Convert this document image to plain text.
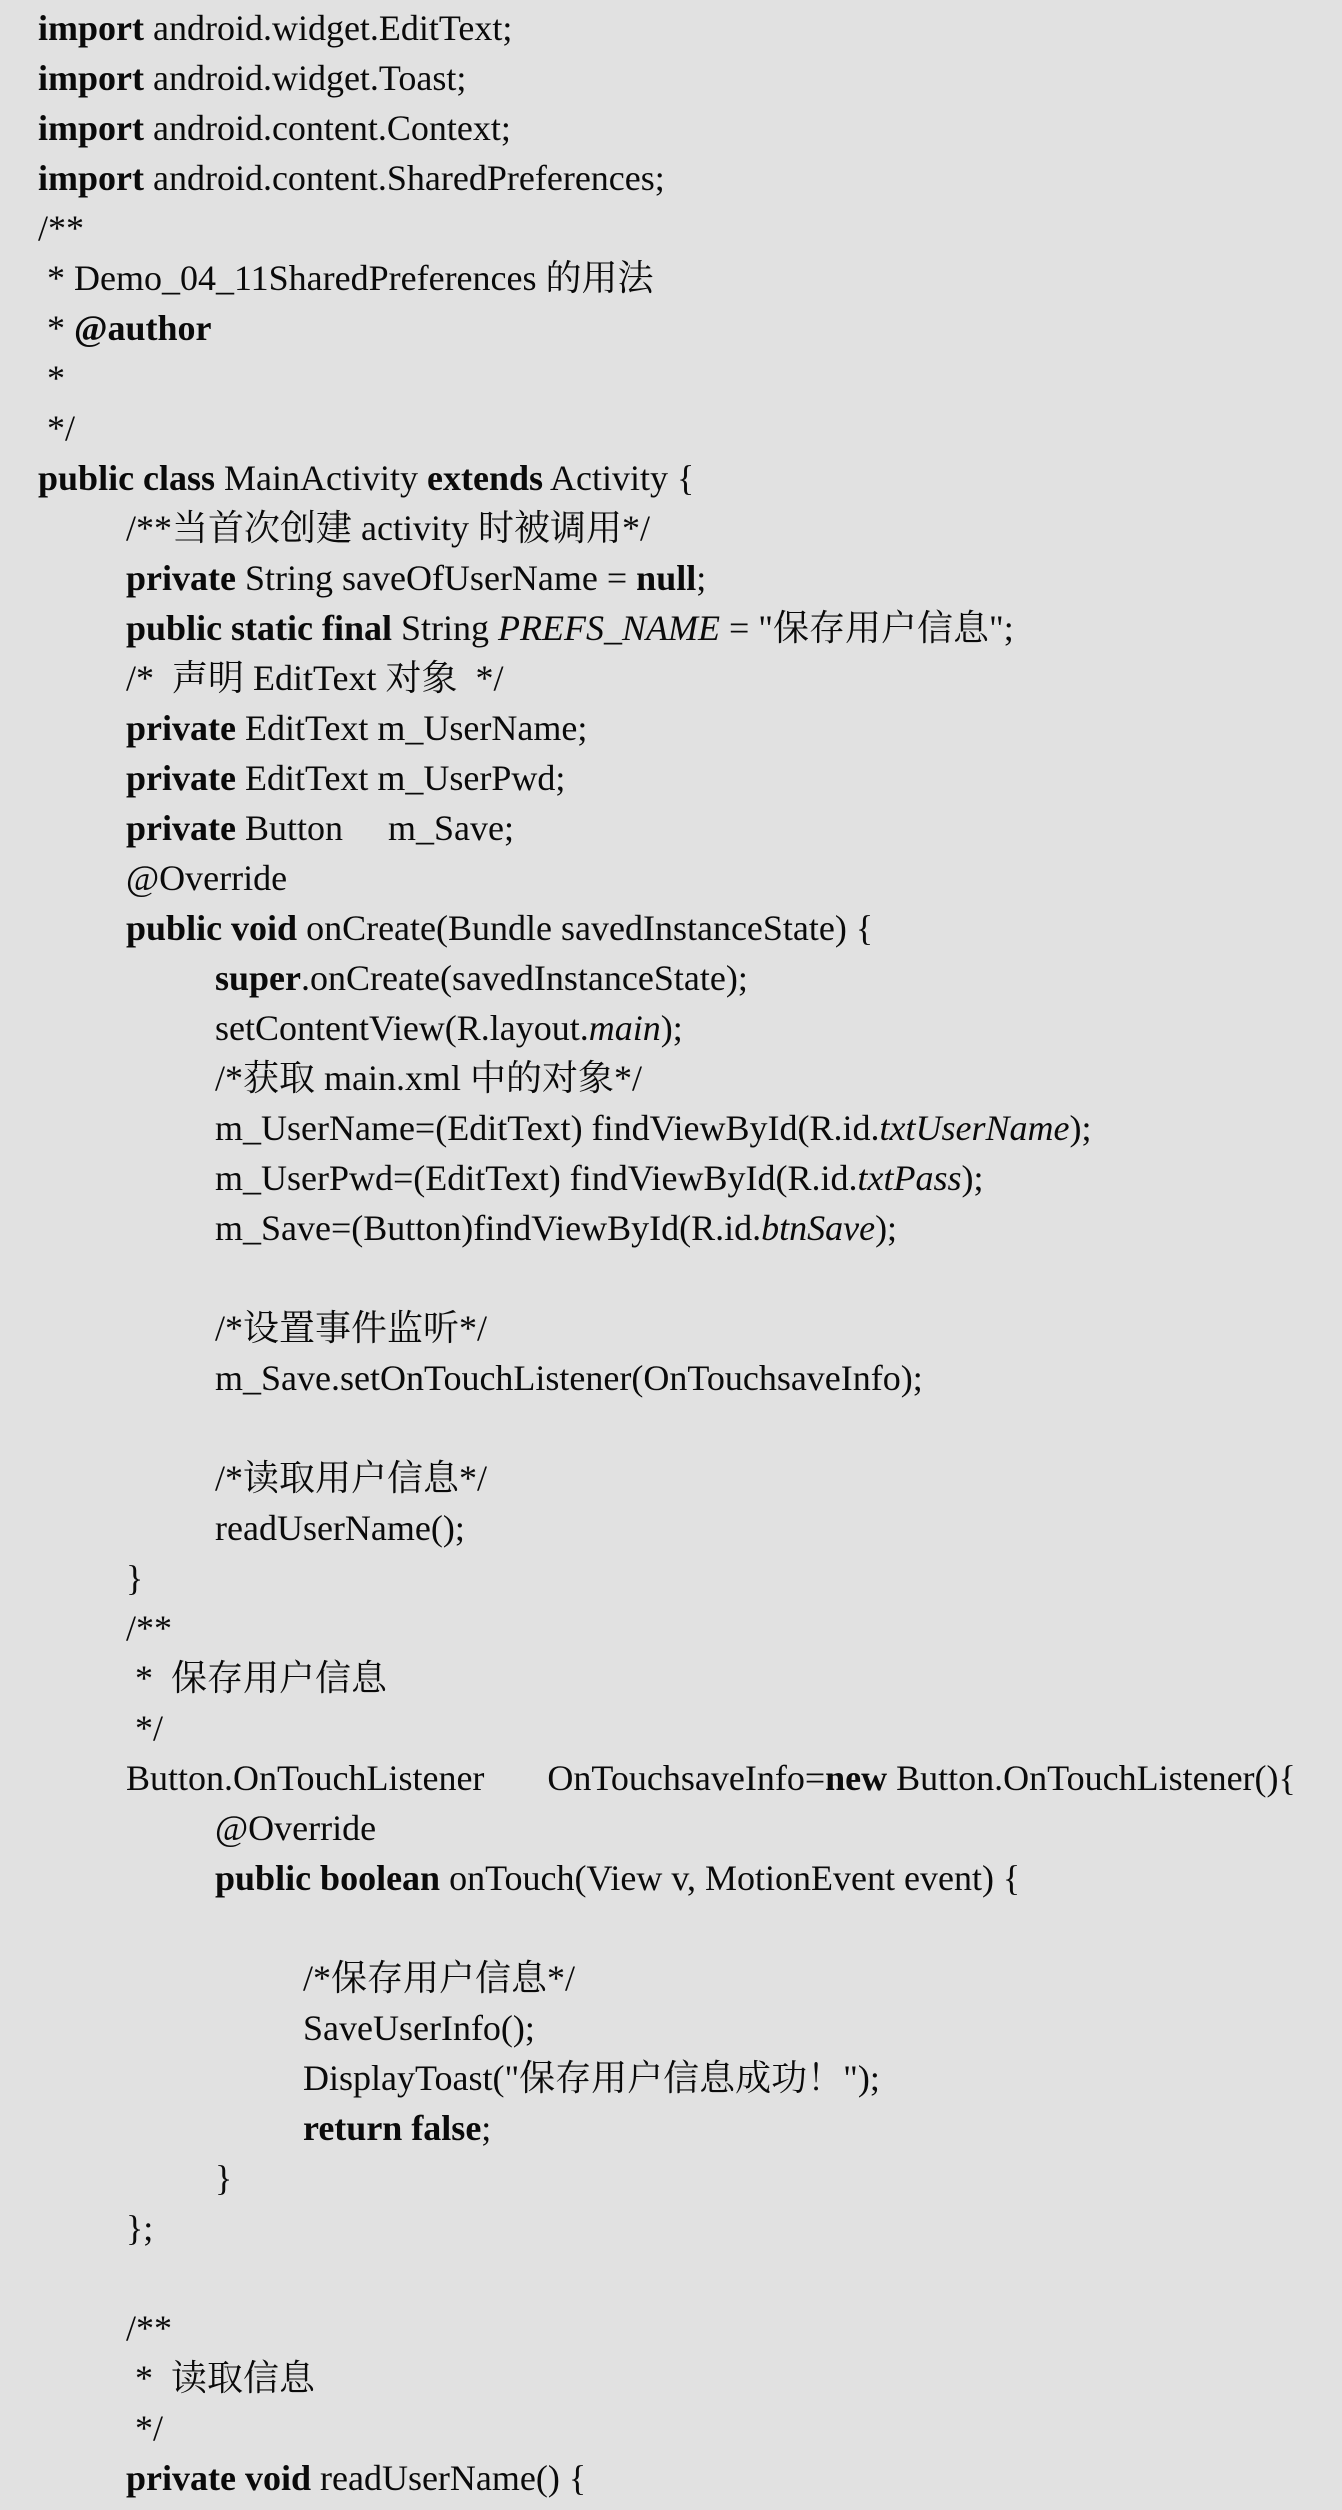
import android.widget.EditText;
import android.widget.Toast;
import android.content.Context;
import android.content.SharedPreferences;
/**
* Demo_04_11SharedPreferences 的用法
* @author
*
*/
public class MainActivity extends Activity {
/**当首次创建 activity 时被调用*/
private String saveOfUserName = null;
public static final String PREFS_NAME = "保存用户信息";
/*  声明 EditText 对象  */
private EditText m_UserName;
private EditText m_UserPwd;
private Button     m_Save;
@Override
public void onCreate(Bundle savedInstanceState) {
super.onCreate(savedInstanceState);
setContentView(R.layout.main);
/*获取 main.xml 中的对象*/
m_UserName=(EditText) findViewById(R.id.txtUserName);
m_UserPwd=(EditText) findViewById(R.id.txtPass);
m_Save=(Button)findViewById(R.id.btnSave);
/*设置事件监听*/
m_Save.setOnTouchListener(OnTouchsaveInfo);
/*读取用户信息*/
readUserName();
}
/**
*  保存用户信息
*/
Button.OnTouchListener       OnTouchsaveInfo=new Button.OnTouchListener(){
@Override
public boolean onTouch(View v, MotionEvent event) {
/*保存用户信息*/
SaveUserInfo();
DisplayToast("保存用户信息成功！");
return false;
}
};
/**
*  读取信息
*/
private void readUserName() {
